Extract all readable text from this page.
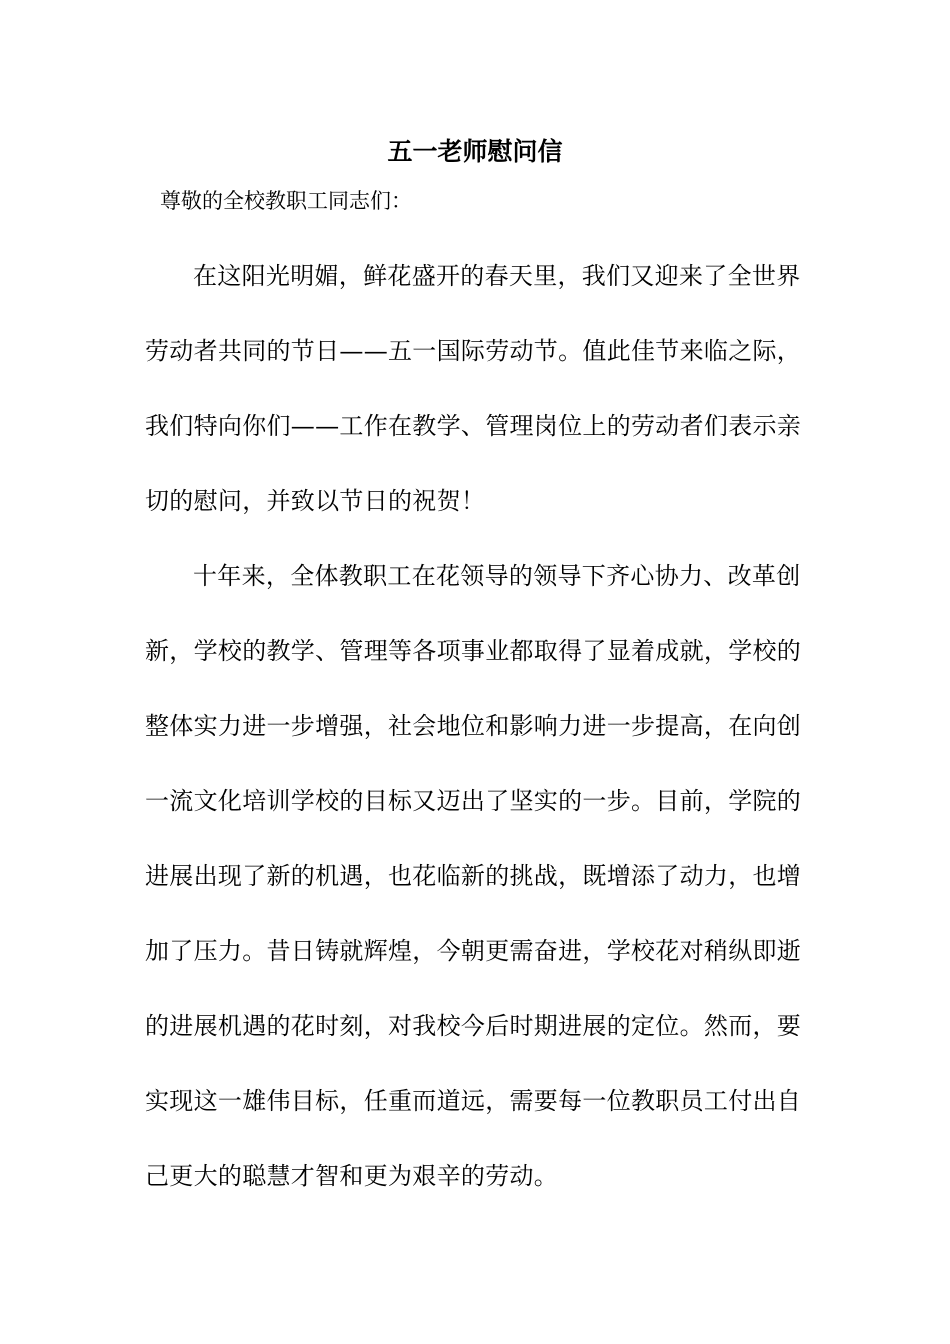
五一老师慰问信

尊敬的全校教职工同志们：

在这阳光明媚，鲜花盛开的春天里，我们又迎来了全世界

劳动者共同的节日——五一国际劳动节。值此佳节来临之际，

我们特向你们——工作在教学、管理岗位上的劳动者们表示亲

切的慰问，并致以节日的祝贺！

十年来，全体教职工在花领导的领导下齐心协力、改革创

新，学校的教学、管理等各项事业都取得了显着成就，学校的

整体实力进一步增强，社会地位和影响力进一步提高，在向创

一流文化培训学校的目标又迈出了坚实的一步。目前，学院的

进展出现了新的机遇，也花临新的挑战，既增添了动力，也增

加了压力。昔日铸就辉煌，今朝更需奋进，学校花对稍纵即逝

的进展机遇的花时刻，对我校今后时期进展的定位。然而，要

实现这一雄伟目标，任重而道远，需要每一位教职员工付出自

己更大的聪慧才智和更为艰辛的劳动。
